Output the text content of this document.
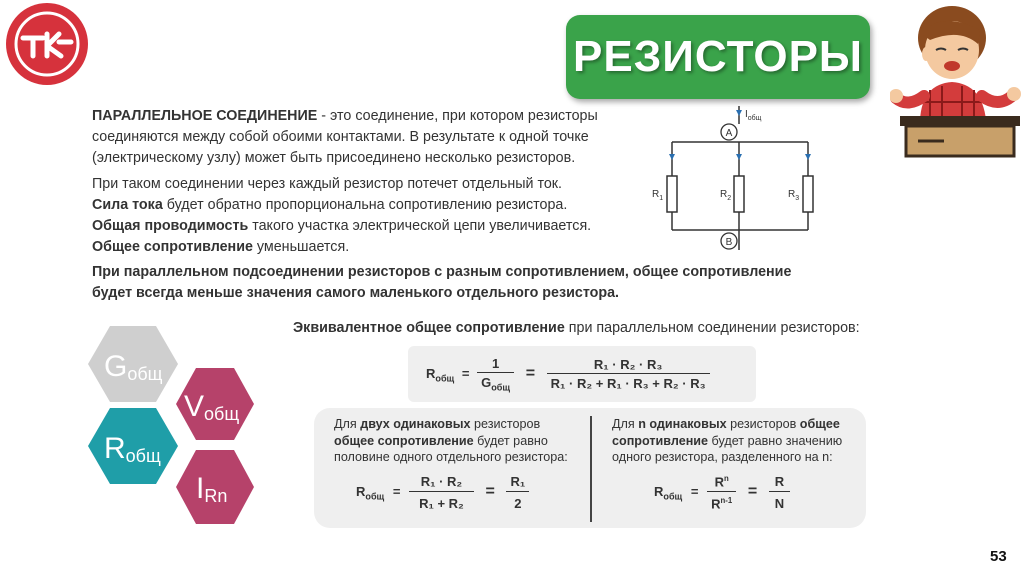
РЕЗИСТОРЫ
ПАРАЛЛЕЛЬНОЕ СОЕДИНЕНИЕ - это соединение, при котором резисторы соединяются между собой обоими контактами. В результате к одной точке (электрическому узлу) может быть присоединено несколько резисторов.
При таком соединении через каждый резистор потечет отдельный ток.
Сила тока будет обратно пропорциональна сопротивлению резистора.
Общая проводимость такого участка электрической цепи увеличивается.
Общее сопротивление уменьшается.
При параллельном подсоединении резисторов с разным сопротивлением, общее сопротивление будет всегда меньше значения самого маленького отдельного резистора.
A
B
$I_{общ}$
$R_1$	$R_2$	$R_3$
Gобщ
Vобщ
Rобщ
IRn
Эквивалентное общее сопротивление при параллельном соединении резисторов:
$R_{общ} = \frac{1}{G_{общ}} = \frac{\text{R₁ · R₂ · R₃}}{\text{R₁ · R₂ + R₁ · R₃ + R₂ · R₃}}$
Для двух одинаковых резисторов
общее сопротивление будет равно
половине одного отдельного резистора:
$R_{общ} = \frac{\text{R₁ · R₂}}{\text{R₁ + R₂}} = \frac{\text{R₁}}{2}$
Для n одинаковых резисторов общее
сопротивление будет равно значению
одного резистора, разделенного на n:
$R_{общ} = \frac{R^n}{R^{n-1}} = \frac{R}{N}$
53
